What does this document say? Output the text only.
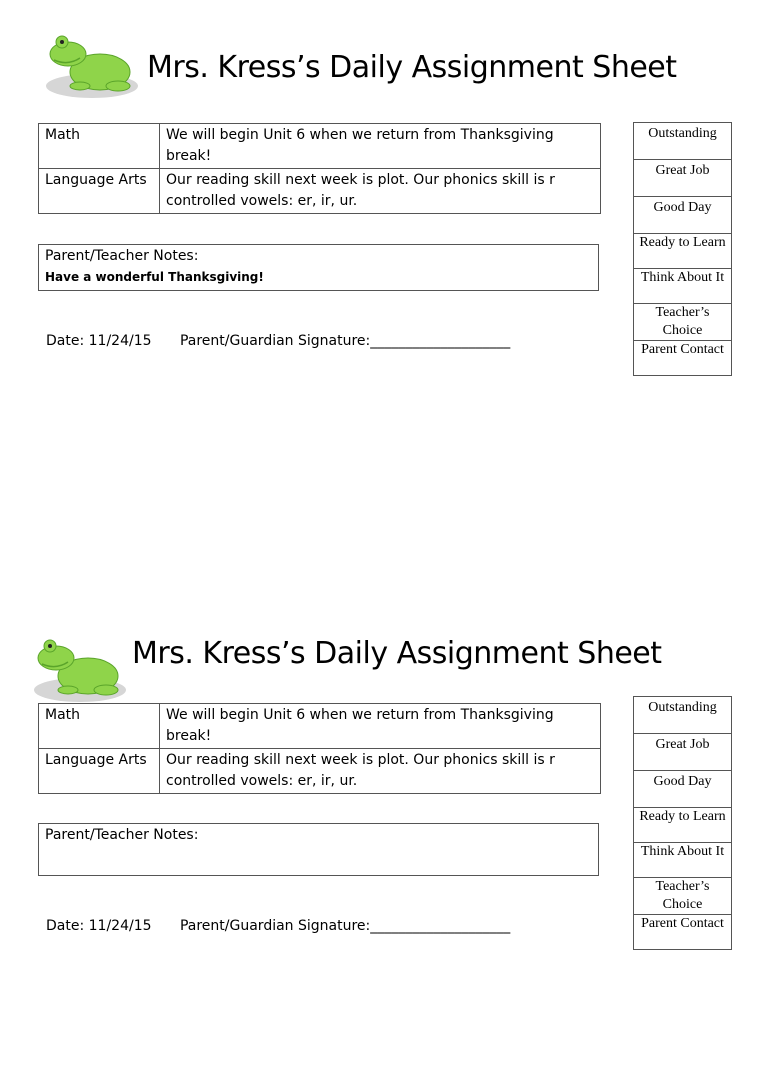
Mrs. Kress’s Daily Assignment Sheet
Math	We will begin Unit 6 when we return from Thanksgiving break!
Language Arts	Our reading skill next week is plot. Our phonics skill is r controlled vowels: er, ir, ur.
Parent/Teacher Notes:
Have a wonderful Thanksgiving!
Date: 11/24/15 Parent/Guardian Signature:____________________
Outstanding
Great Job
Good Day
Ready to Learn
Think About It
Teacher’s Choice
Parent Contact
Mrs. Kress’s Daily Assignment Sheet
Math	We will begin Unit 6 when we return from Thanksgiving break!
Language Arts	Our reading skill next week is plot. Our phonics skill is r controlled vowels: er, ir, ur.
Parent/Teacher Notes:
Date: 11/24/15 Parent/Guardian Signature:____________________
Outstanding
Great Job
Good Day
Ready to Learn
Think About It
Teacher’s Choice
Parent Contact
